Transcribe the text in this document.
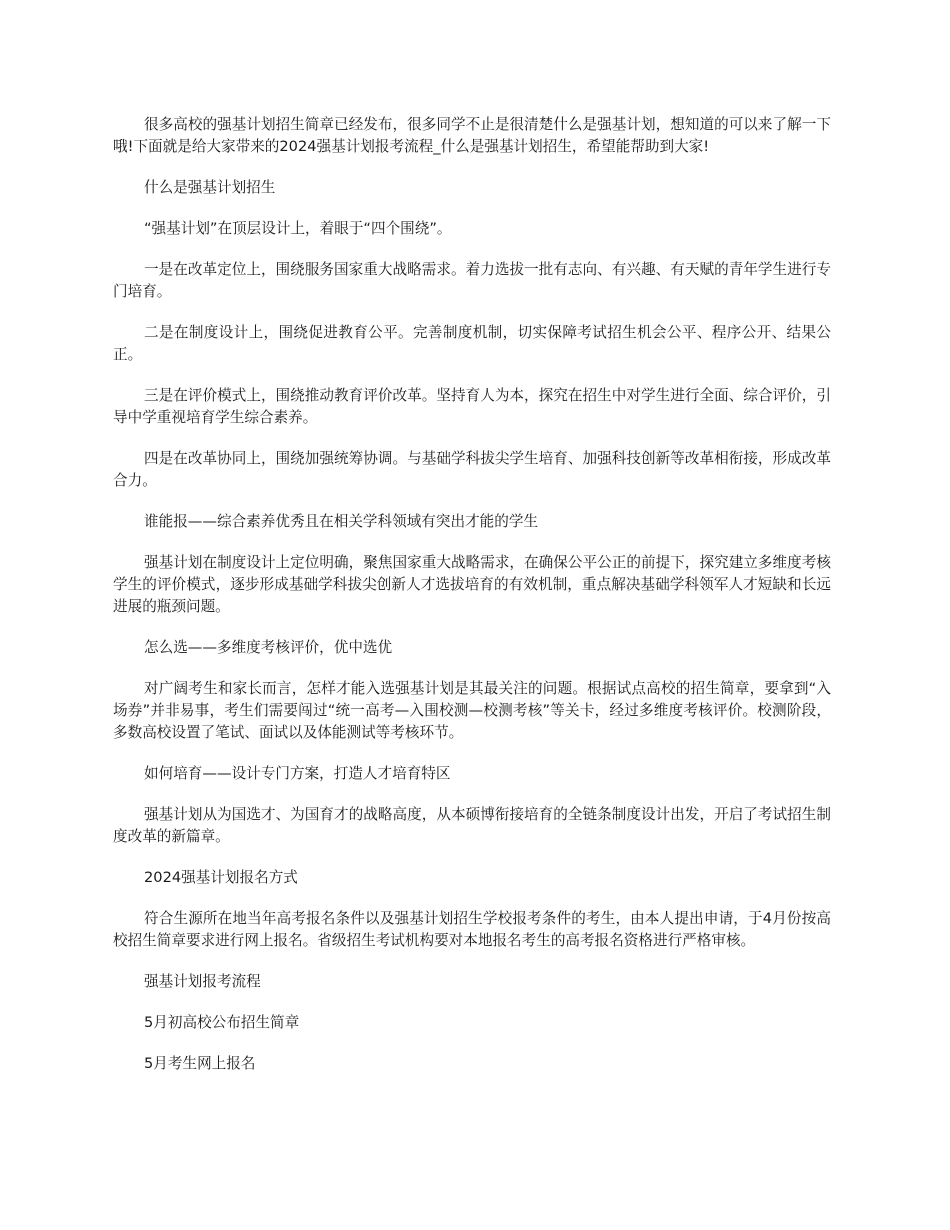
很多高校的强基计划招生简章已经发布，很多同学不止是很清楚什么是强基计划，想知道的可以来了解一下哦!下面就是给大家带来的2024强基计划报考流程_什么是强基计划招生，希望能帮助到大家!

什么是强基计划招生

“强基计划”在顶层设计上，着眼于“四个围绕”。

一是在改革定位上，围绕服务国家重大战略需求。着力选拔一批有志向、有兴趣、有天赋的青年学生进行专门培育。

二是在制度设计上，围绕促进教育公平。完善制度机制，切实保障考试招生机会公平、程序公开、结果公正。

三是在评价模式上，围绕推动教育评价改革。坚持育人为本，探究在招生中对学生进行全面、综合评价，引导中学重视培育学生综合素养。

四是在改革协同上，围绕加强统筹协调。与基础学科拔尖学生培育、加强科技创新等改革相衔接，形成改革合力。

谁能报——综合素养优秀且在相关学科领域有突出才能的学生

强基计划在制度设计上定位明确，聚焦国家重大战略需求，在确保公平公正的前提下，探究建立多维度考核学生的评价模式，逐步形成基础学科拔尖创新人才选拔培育的有效机制，重点解决基础学科领军人才短缺和长远进展的瓶颈问题。

怎么选——多维度考核评价，优中选优

对广阔考生和家长而言，怎样才能入选强基计划是其最关注的问题。根据试点高校的招生简章，要拿到“入场券”并非易事，考生们需要闯过“统一高考—入围校测—校测考核”等关卡，经过多维度考核评价。校测阶段，多数高校设置了笔试、面试以及体能测试等考核环节。

如何培育——设计专门方案，打造人才培育特区

强基计划从为国选才、为国育才的战略高度，从本硕博衔接培育的全链条制度设计出发，开启了考试招生制度改革的新篇章。

2024强基计划报名方式

符合生源所在地当年高考报名条件以及强基计划招生学校报考条件的考生，由本人提出申请，于4月份按高校招生简章要求进行网上报名。省级招生考试机构要对本地报名考生的高考报名资格进行严格审核。

强基计划报考流程

5月初高校公布招生简章

5月考生网上报名
